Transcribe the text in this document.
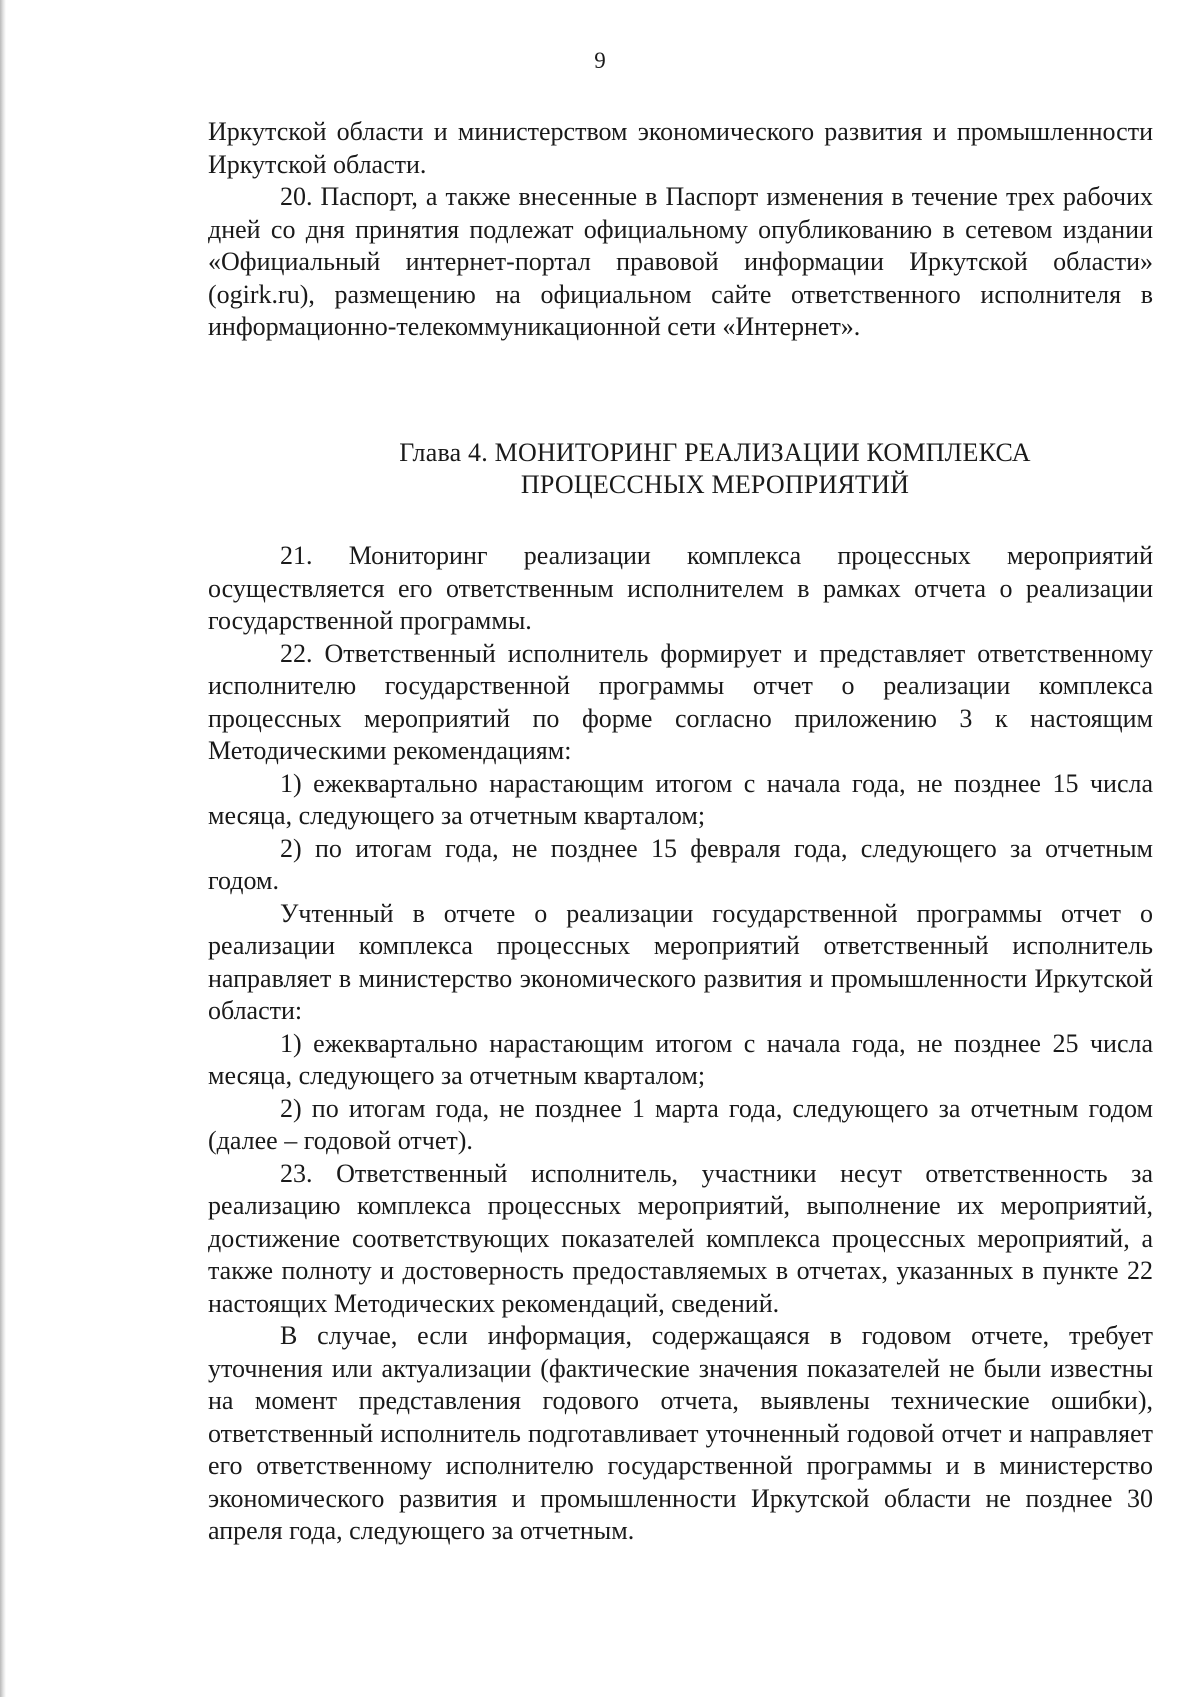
9

Иркутской области и министерством экономического развития и промышленности Иркутской области.

20. Паспорт, а также внесенные в Паспорт изменения в течение трех рабочих дней со дня принятия подлежат официальному опубликованию в сетевом издании «Официальный интернет-портал правовой информации Иркутской области» (ogirk.ru), размещению на официальном сайте ответственного исполнителя в информационно-телекоммуникационной сети «Интернет».

Глава 4. МОНИТОРИНГ РЕАЛИЗАЦИИ КОМПЛЕКСА
ПРОЦЕССНЫХ МЕРОПРИЯТИЙ

21. Мониторинг реализации комплекса процессных мероприятий осуществляется его ответственным исполнителем в рамках отчета о реализации государственной программы.

22. Ответственный исполнитель формирует и представляет ответственному исполнителю государственной программы отчет о реализации комплекса процессных мероприятий по форме согласно приложению 3 к настоящим Методическими рекомендациям:

1) ежеквартально нарастающим итогом с начала года, не позднее 15 числа месяца, следующего за отчетным кварталом;

2) по итогам года, не позднее 15 февраля года, следующего за отчетным годом.

Учтенный в отчете о реализации государственной программы отчет о реализации комплекса процессных мероприятий ответственный исполнитель направляет в министерство экономического развития и промышленности Иркутской области:

1) ежеквартально нарастающим итогом с начала года, не позднее 25 числа месяца, следующего за отчетным кварталом;

2) по итогам года, не позднее 1 марта года, следующего за отчетным годом (далее – годовой отчет).

23. Ответственный исполнитель, участники несут ответственность за реализацию комплекса процессных мероприятий, выполнение их мероприятий, достижение соответствующих показателей комплекса процессных мероприятий, а также полноту и достоверность предоставляемых в отчетах, указанных в пункте 22 настоящих Методических рекомендаций, сведений.

В случае, если информация, содержащаяся в годовом отчете, требует уточнения или актуализации (фактические значения показателей не были известны на момент представления годового отчета, выявлены технические ошибки), ответственный исполнитель подготавливает уточненный годовой отчет и направляет его ответственному исполнителю государственной программы и в министерство экономического развития и промышленности Иркутской области не позднее 30 апреля года, следующего за отчетным.
